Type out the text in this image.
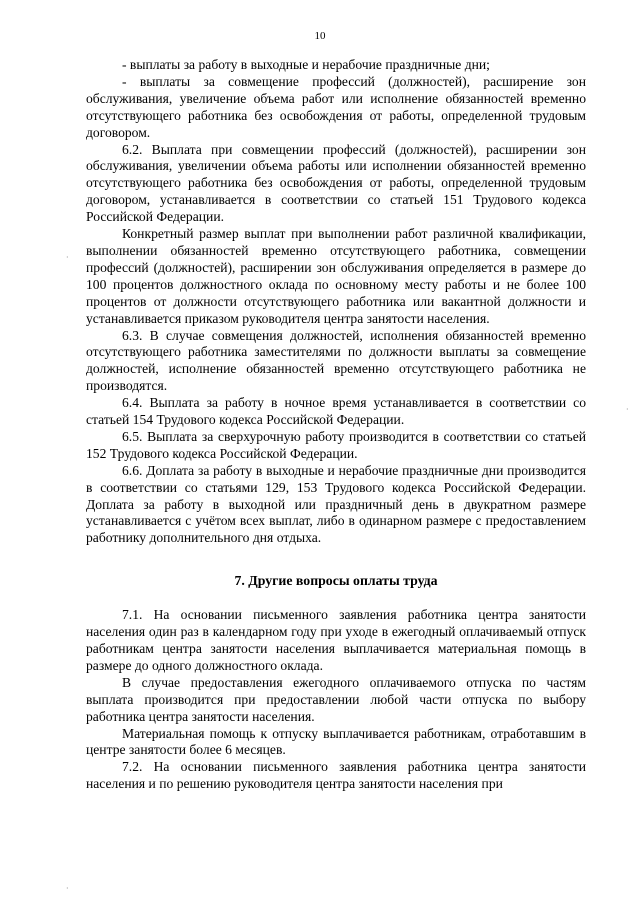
10

- выплаты за работу в выходные и нерабочие праздничные дни;

- выплаты за совмещение профессий (должностей), расширение зон обслуживания, увеличение объема работ или исполнение обязанностей временно отсутствующего работника без освобождения от работы, определенной трудовым договором.

6.2. Выплата при совмещении профессий (должностей), расширении зон обслуживания, увеличении объема работы или исполнении обязанностей временно отсутствующего работника без освобождения от работы, определенной трудовым договором, устанавливается в соответствии со статьей 151 Трудового кодекса Российской Федерации.

Конкретный размер выплат при выполнении работ различной квалификации, выполнении обязанностей временно отсутствующего работника, совмещении профессий (должностей), расширении зон обслуживания определяется в размере до 100 процентов должностного оклада по основному месту работы и не более 100 процентов от должности отсутствующего работника или вакантной должности и устанавливается приказом руководителя центра занятости населения.

6.3. В случае совмещения должностей, исполнения обязанностей временно отсутствующего работника заместителями по должности выплаты за совмещение должностей, исполнение обязанностей временно отсутствующего работника не производятся.

6.4. Выплата за работу в ночное время устанавливается в соответствии со статьей 154 Трудового кодекса Российской Федерации.

6.5. Выплата за сверхурочную работу производится в соответствии со статьей 152 Трудового кодекса Российской Федерации.

6.6. Доплата за работу в выходные и нерабочие праздничные дни производится в соответствии со статьями 129, 153 Трудового кодекса Российской Федерации. Доплата за работу в выходной или праздничный день в двукратном размере устанавливается с учётом всех выплат, либо в одинарном размере с предоставлением работнику дополнительного дня отдыха.

7. Другие вопросы оплаты труда

7.1. На основании письменного заявления работника центра занятости населения один раз в календарном году при уходе в ежегодный оплачиваемый отпуск работникам центра занятости населения выплачивается материальная помощь в размере до одного должностного оклада.

В случае предоставления ежегодного оплачиваемого отпуска по частям выплата производится при предоставлении любой части отпуска по выбору работника центра занятости населения.

Материальная помощь к отпуску выплачивается работникам, отработавшим в центре занятости более 6 месяцев.

7.2. На основании письменного заявления работника центра занятости населения и по решению руководителя центра занятости населения при

·
·
·
